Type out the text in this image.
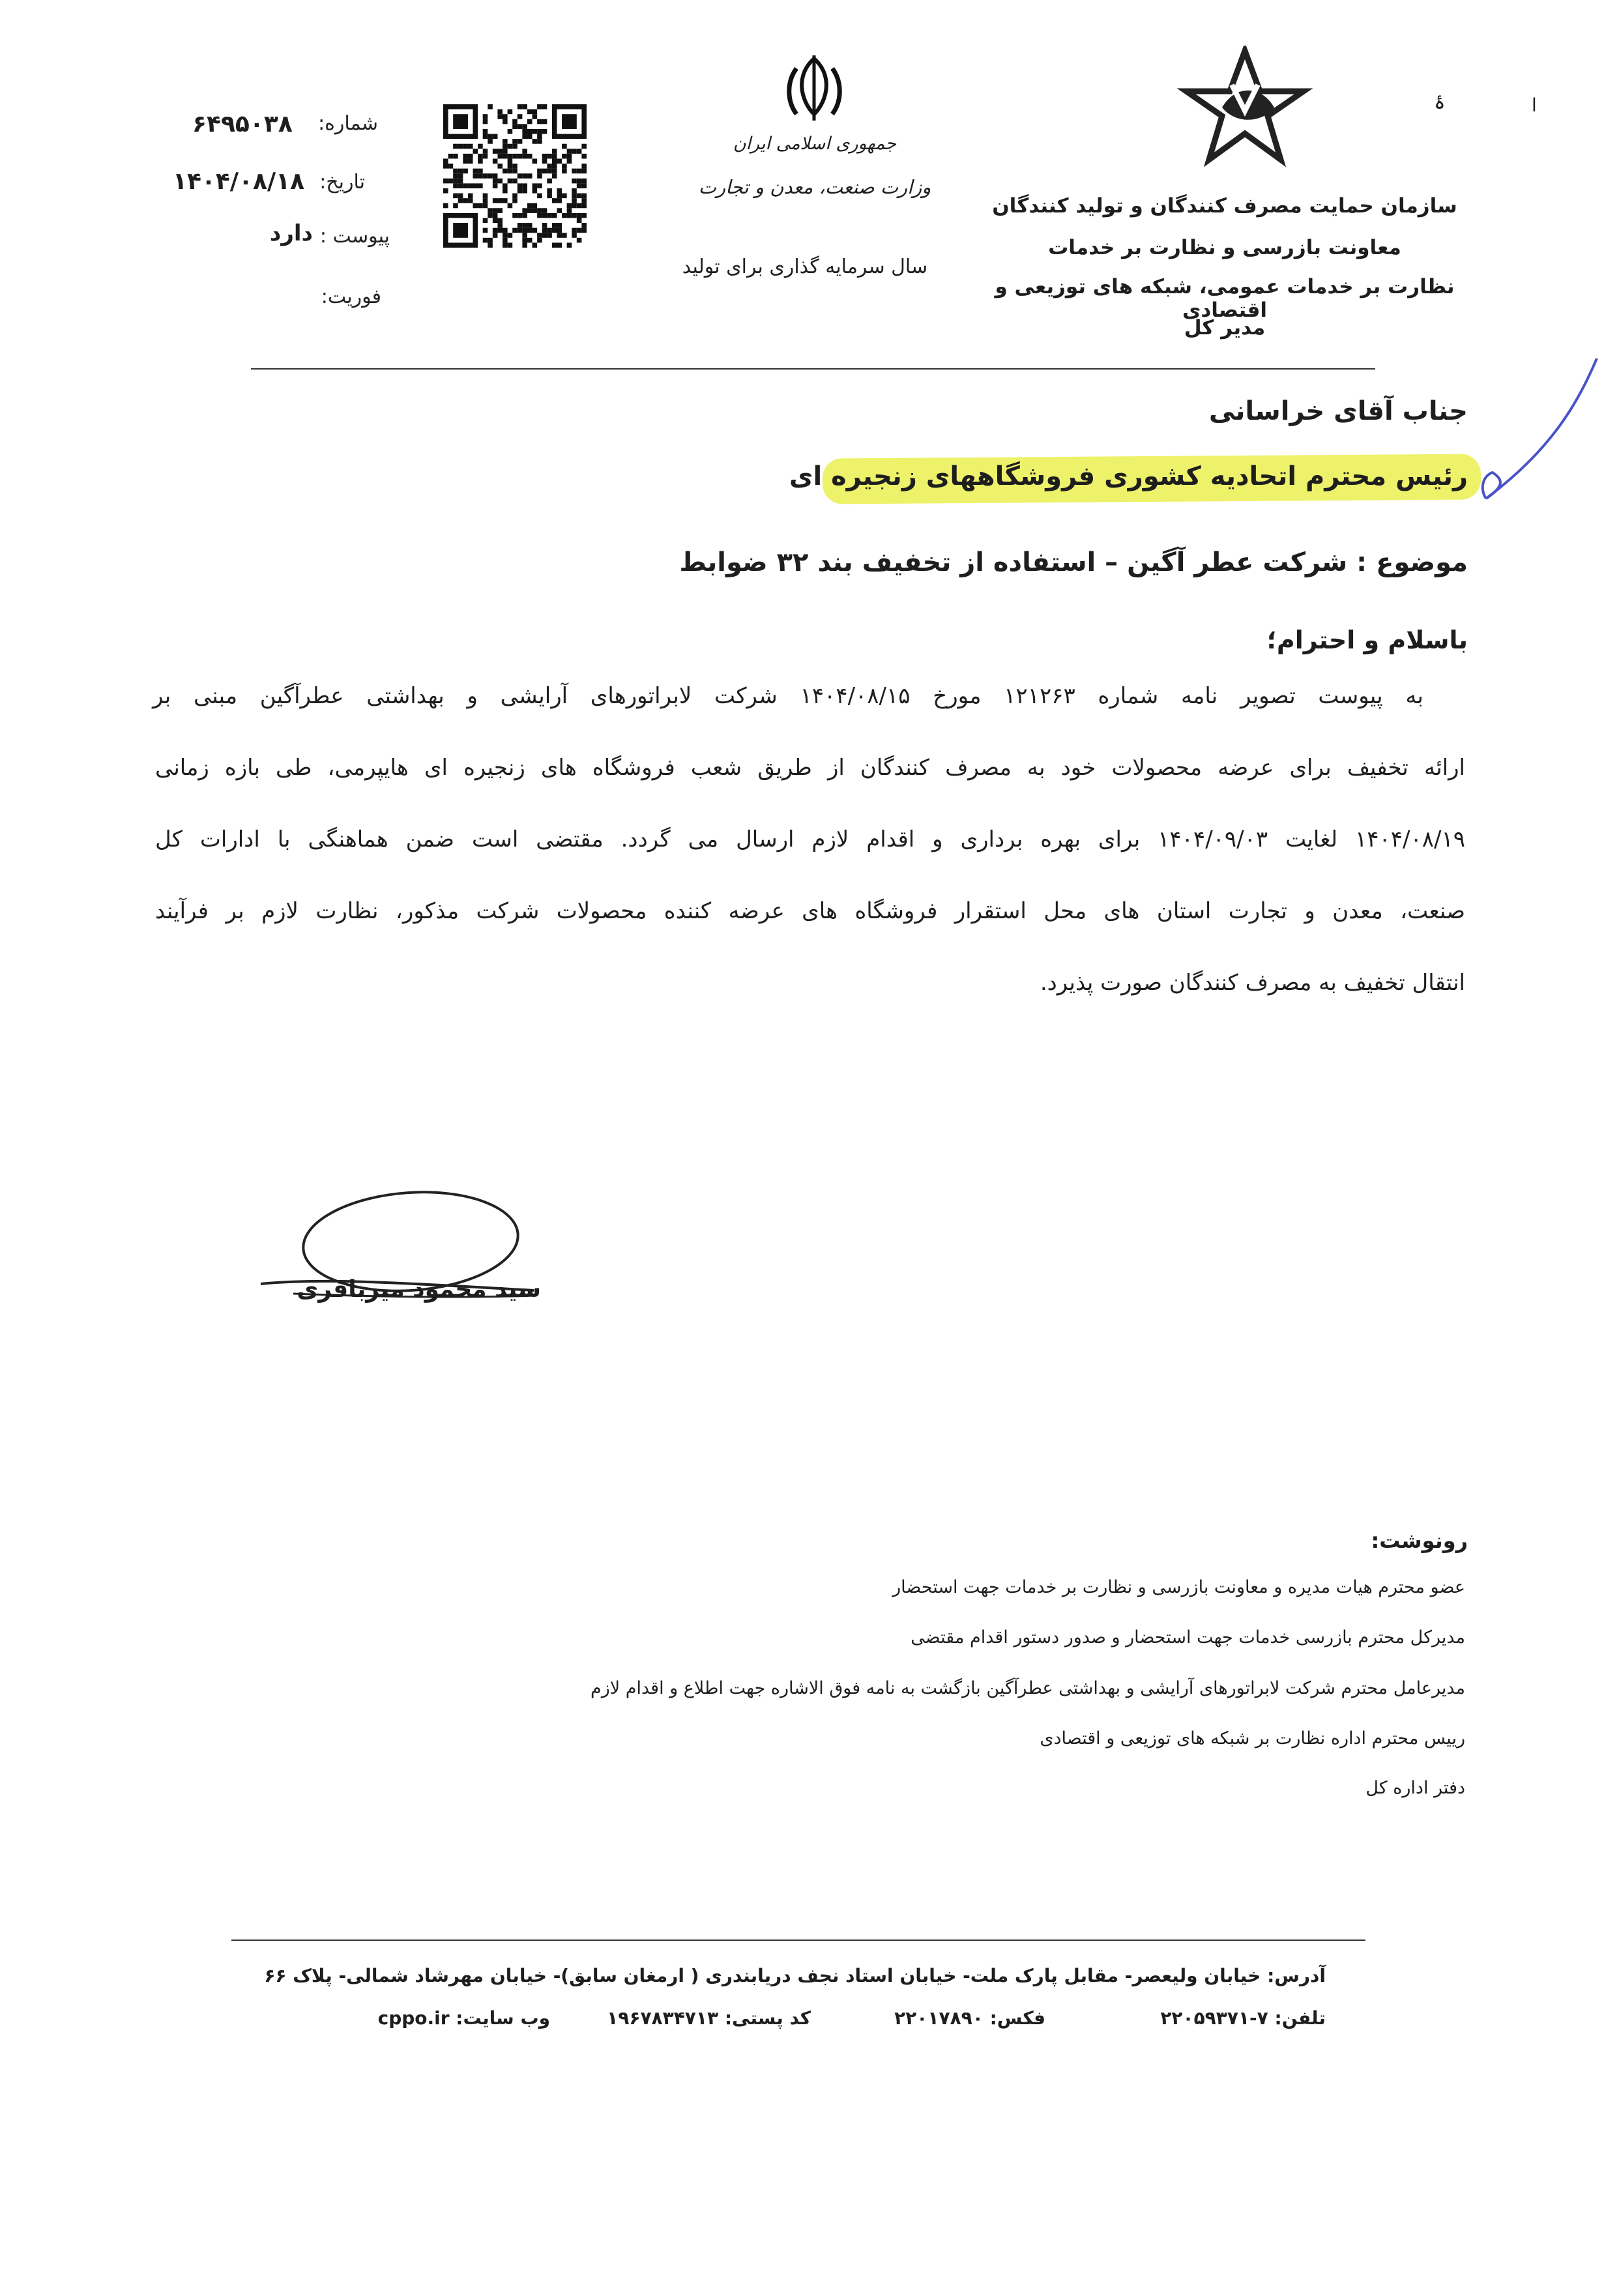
سازمان حمایت مصرف کنندگان و تولید کنندگان
معاونت بازرسی و نظارت بر خدمات
نظارت بر خدمات عمومی، شبکه های توزیعی و اقتصادی
مدیر کل
ۂ	ا
جمهوری اسلامی ایران
وزارت صنعت، معدن و تجارت
سال سرمایه گذاری برای تولید
شماره:
۶۴۹۵۰۳۸
تاریخ:
۱۴۰۴/۰۸/۱۸
پیوست :
دارد
فوریت:
جناب آقای خراسانی
رئیس محترم اتحادیه کشوری فروشگاههای زنجیره ای
موضوع : شرکت عطر آگین – استفاده از تخفیف بند ۳۲ ضوابط
باسلام و احترام؛
به پیوست تصویر نامه شماره ۱۲۱۲۶۳ مورخ ۱۴۰۴/۰۸/۱۵ شرکت لابراتورهای آرایشی و بهداشتی عطرآگین مبنی بر
ارائه تخفیف برای عرضه محصولات خود به مصرف کنندگان از طریق شعب فروشگاه های زنجیره ای هایپرمی، طی بازه زمانی
۱۴۰۴/۰۸/۱۹ لغایت ۱۴۰۴/۰۹/۰۳ برای بهره برداری و اقدام لازم ارسال می گردد. مقتضی است ضمن هماهنگی با ادارات کل
صنعت، معدن و تجارت استان های محل استقرار فروشگاه های عرضه کننده محصولات شرکت مذکور، نظارت لازم بر فرآیند
انتقال تخفیف به مصرف کنندگان صورت پذیرد.
سید محمود میرباقری
رونوشت:
عضو محترم هیات مدیره و معاونت بازرسی و نظارت بر خدمات جهت استحضار
مدیرکل محترم بازرسی خدمات جهت استحضار و صدور دستور اقدام مقتضی
مدیرعامل محترم شرکت لابراتورهای آرایشی و بهداشتی عطرآگین بازگشت به نامه فوق الاشاره جهت اطلاع و اقدام لازم
رییس محترم اداره نظارت بر شبکه های توزیعی و اقتصادی
دفتر اداره کل
آدرس: خیابان ولیعصر- مقابل پارک ملت- خیابان استاد نجف دریابندری ( ارمغان سابق)- خیابان مهرشاد شمالی- پلاک ۶۶
تلفن: ۷-۲۲۰۵۹۳۷۱
فکس: ۲۲۰۱۷۸۹۰
کد پستی: ۱۹۶۷۸۳۴۷۱۳
وب سایت: cppo.ir
